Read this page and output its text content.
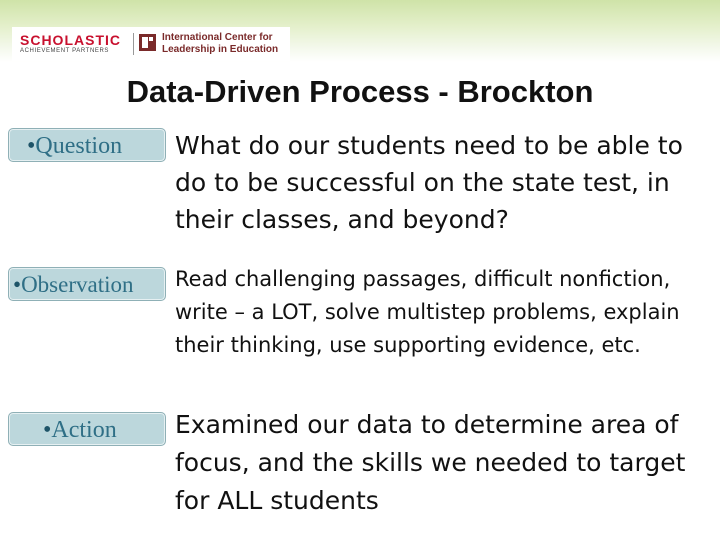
SCHOLASTIC
ACHIEVEMENT PARTNERS
International Center for
Leadership in Education
Data-Driven Process - Brockton
•Question	What do our students need to be able to do to be successful on the state test, in their classes, and beyond?
•Observation	Read challenging passages, difficult nonfiction, write – a LOT, solve multistep problems, explain their thinking, use supporting evidence, etc.
•Action	Examined our data to determine area of focus, and the skills we needed to target for ALL students
